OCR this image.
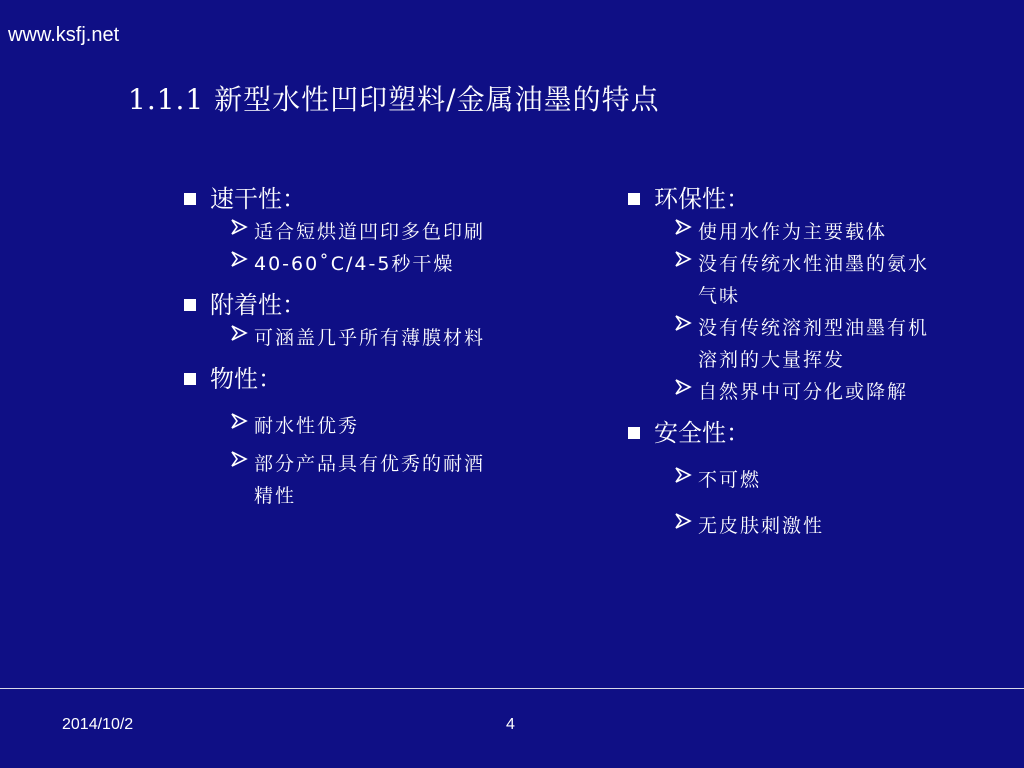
www.ksfj.net
1.1.1 新型水性凹印塑料/金属油墨的特点
速干性：
适合短烘道凹印多色印刷
40-60˚C/4-5秒干燥
附着性：
可涵盖几乎所有薄膜材料
物性：
耐水性优秀
部分产品具有优秀的耐酒精性
环保性：
使用水作为主要载体
没有传统水性油墨的氨水气味
没有传统溶剂型油墨有机溶剂的大量挥发
自然界中可分化或降解
安全性：
不可燃
无皮肤刺激性
2014/10/2	4
